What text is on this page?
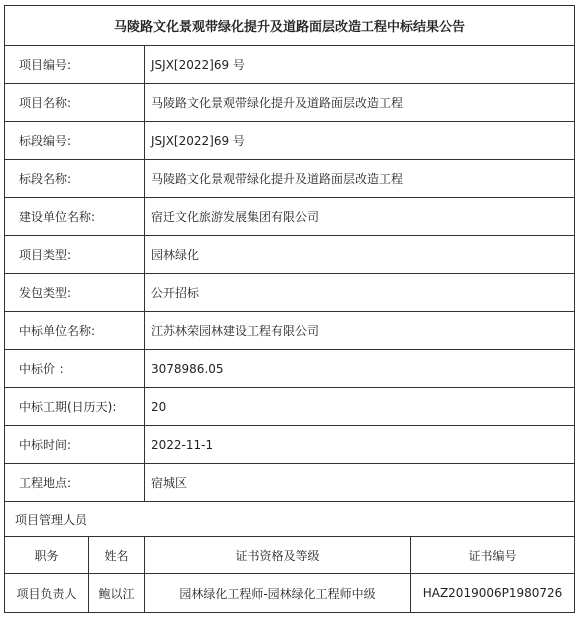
马陵路文化景观带绿化提升及道路面层改造工程中标结果公告			
项目编号:		JSJX[2022]69 号	
项目名称:		马陵路文化景观带绿化提升及道路面层改造工程	
标段编号:		JSJX[2022]69 号	
标段名称:		马陵路文化景观带绿化提升及道路面层改造工程	
建设单位名称:		宿迁文化旅游发展集团有限公司	
项目类型:		园林绿化	
发包类型:		公开招标	
中标单位名称:		江苏林荣园林建设工程有限公司	
中标价 ：		3078986.05	
中标工期(日历天):		20	
中标时间:		2022-11-1	
工程地点:		宿城区	
项目管理人员			
职务	姓名	证书资格及等级	证书编号
项目负责人	鲍以江	园林绿化工程师-园林绿化工程师中级	HAZ2019006P1980726
